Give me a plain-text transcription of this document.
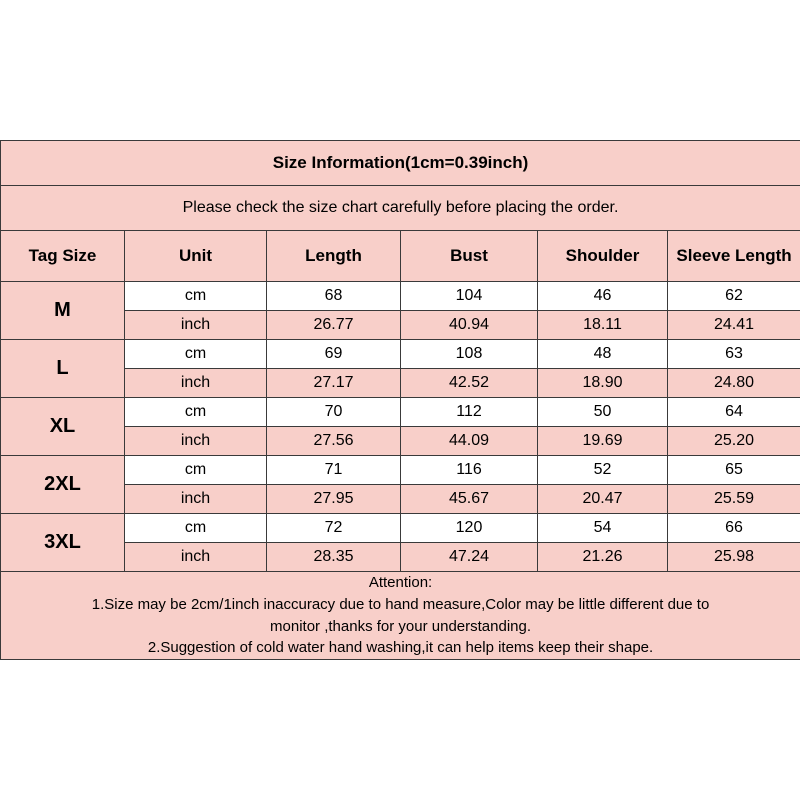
Size Information(1cm=0.39inch)					
Please check the size chart carefully before placing the order.					
Tag Size	Unit	Length	Bust	Shoulder	Sleeve Length
M	cm	68	104	46	62
	inch	26.77	40.94	18.11	24.41
L	cm	69	108	48	63
	inch	27.17	42.52	18.90	24.80
XL	cm	70	112	50	64
	inch	27.56	44.09	19.69	25.20
2XL	cm	71	116	52	65
	inch	27.95	45.67	20.47	25.59
3XL	cm	72	120	54	66
	inch	28.35	47.24	21.26	25.98

Attention:
1.Size may be 2cm/1inch inaccuracy due to hand measure,Color may be little different due to
monitor ,thanks for your understanding.
2.Suggestion of cold water hand washing,it can help items keep their shape.					
